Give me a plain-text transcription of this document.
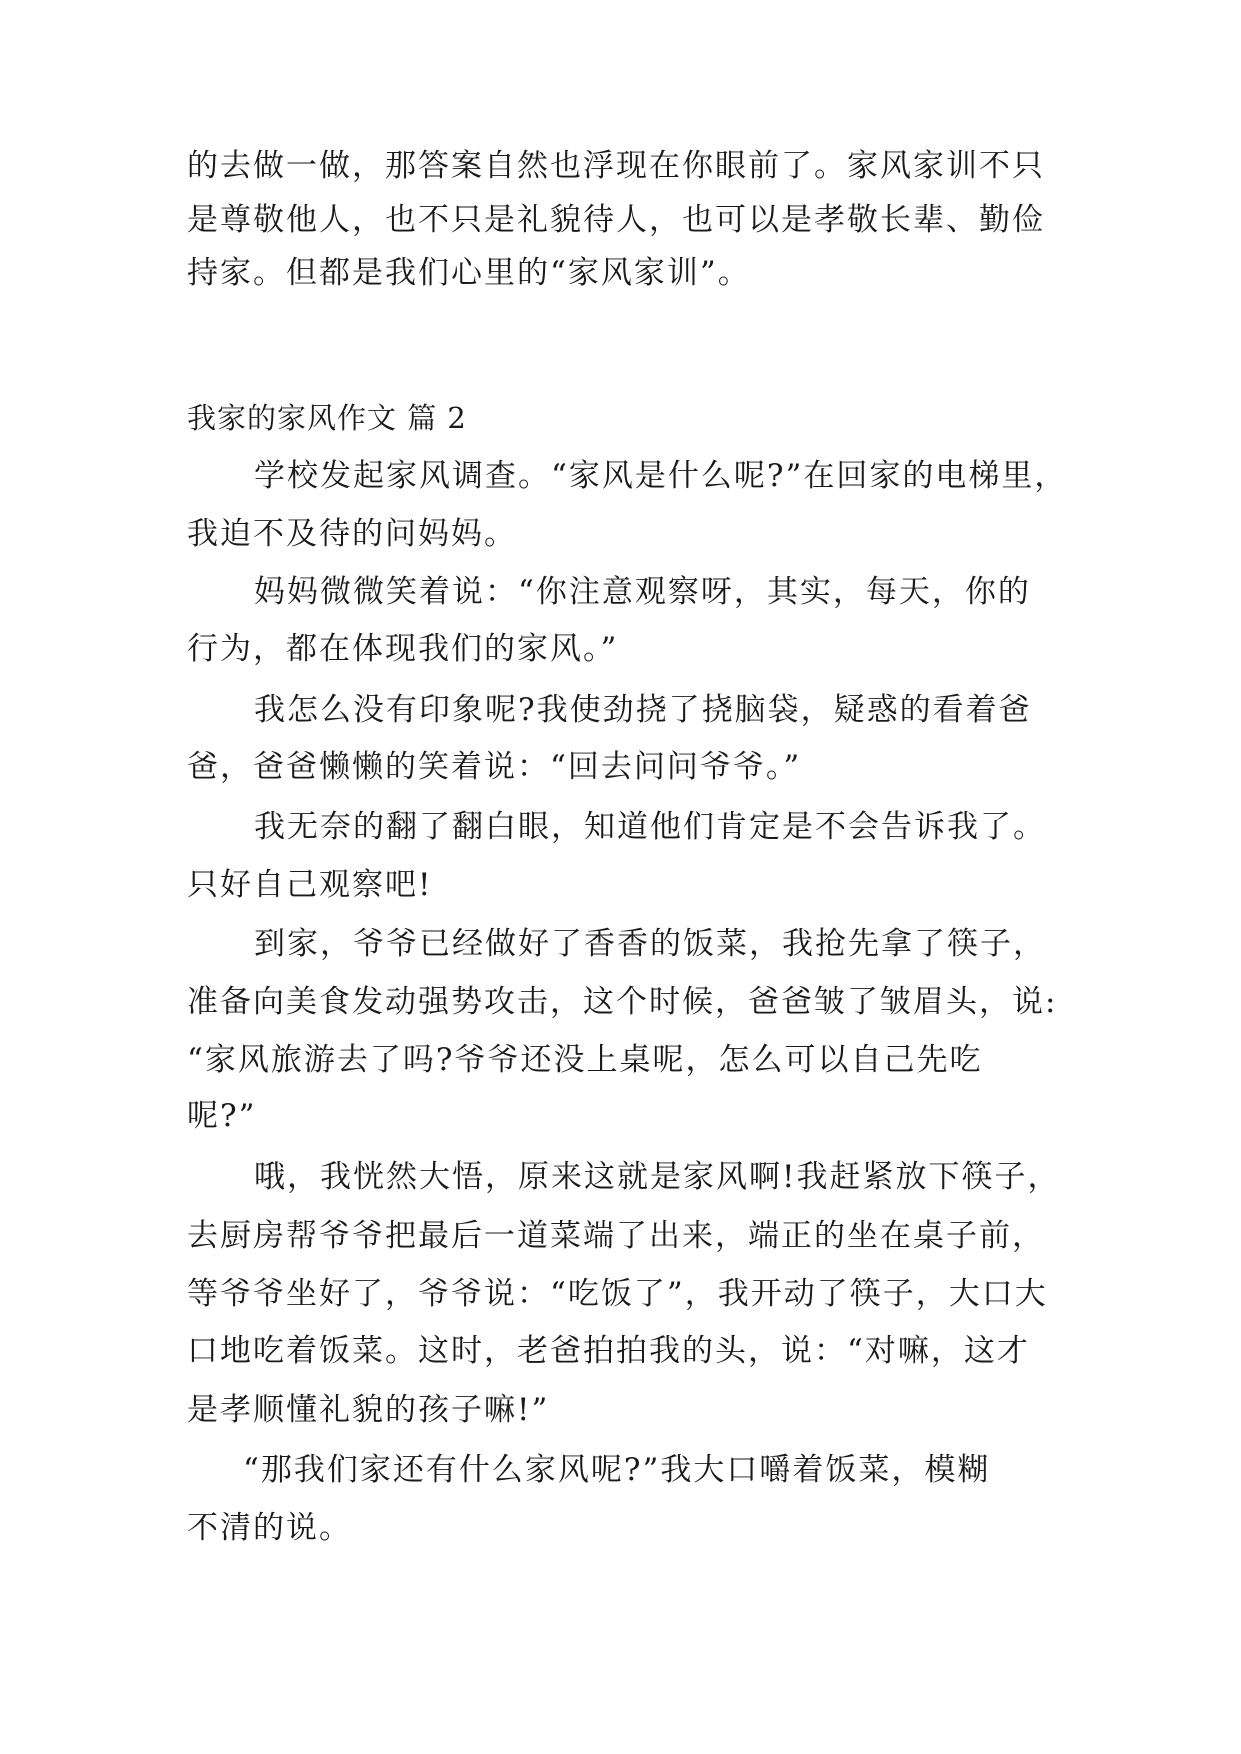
的去做一做，那答案自然也浮现在你眼前了。家风家训不只
是尊敬他人，也不只是礼貌待人，也可以是孝敬长辈、勤俭
持家。但都是我们心里的“家风家训”。
我家的家风作文 篇 2
学校发起家风调查。“家风是什么呢?”在回家的电梯里，
我迫不及待的问妈妈。
妈妈微微笑着说：“你注意观察呀，其实，每天，你的
行为，都在体现我们的家风。”
我怎么没有印象呢?我使劲挠了挠脑袋，疑惑的看着爸
爸，爸爸懒懒的笑着说：“回去问问爷爷。”
我无奈的翻了翻白眼，知道他们肯定是不会告诉我了。
只好自己观察吧!
到家，爷爷已经做好了香香的饭菜，我抢先拿了筷子，
准备向美食发动强势攻击，这个时候，爸爸皱了皱眉头，说:
“家风旅游去了吗?爷爷还没上桌呢，怎么可以自己先吃
呢?”
哦，我恍然大悟，原来这就是家风啊!我赶紧放下筷子，
去厨房帮爷爷把最后一道菜端了出来，端正的坐在桌子前，
等爷爷坐好了，爷爷说：“吃饭了”，我开动了筷子，大口大
口地吃着饭菜。这时，老爸拍拍我的头，说：“对嘛，这才
是孝顺懂礼貌的孩子嘛!”
“那我们家还有什么家风呢?”我大口嚼着饭菜，模糊
不清的说。
